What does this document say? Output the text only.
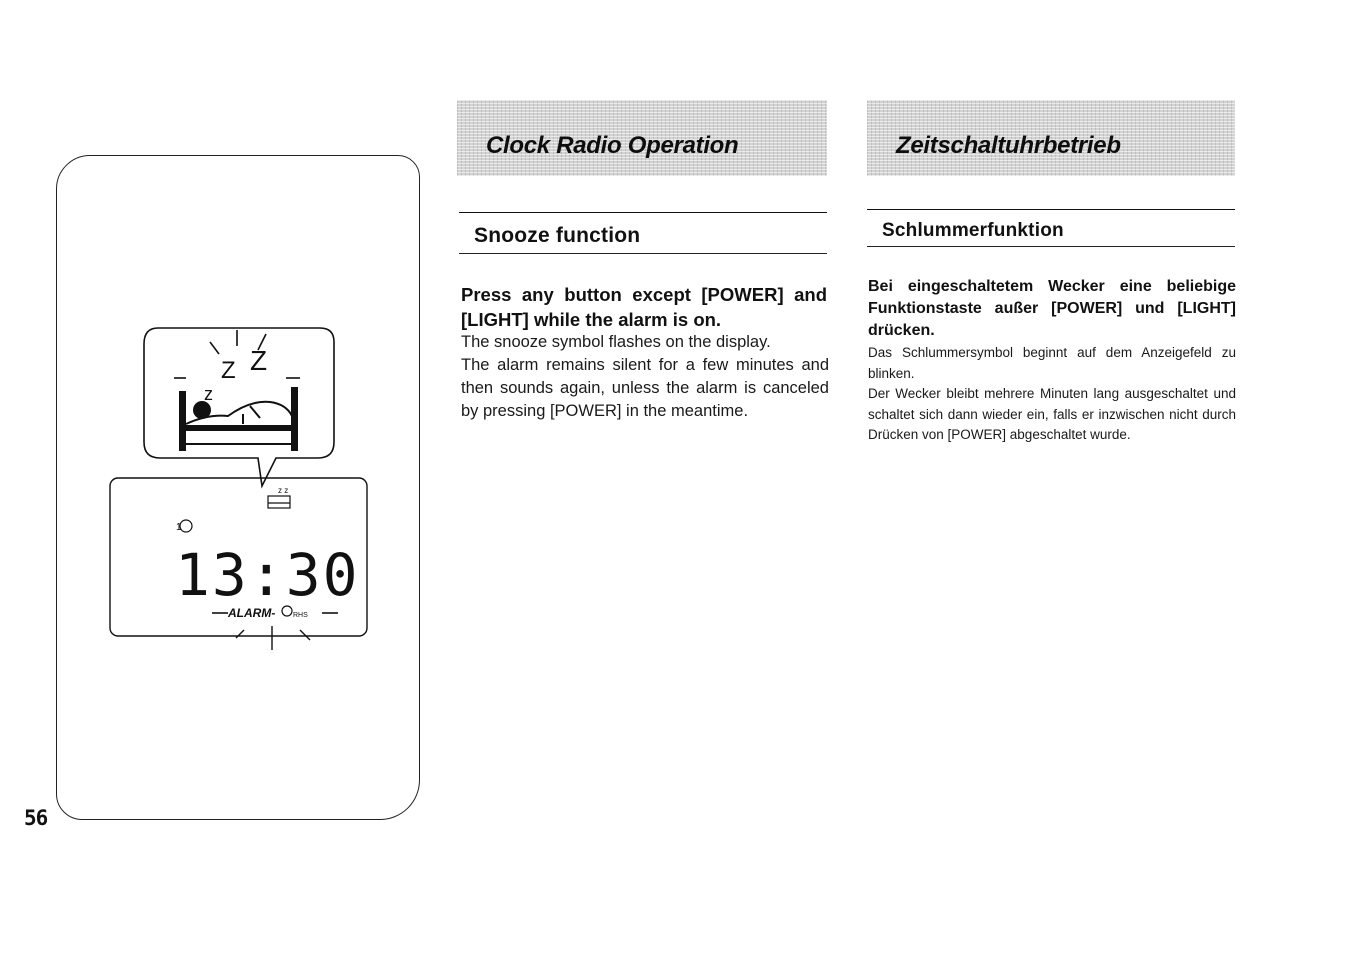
56
z
Z Z
z z
1
13:30
ALARM-	RHS
Clock Radio Operation
Snooze function
Press any button except [POWER] and [LIGHT] while the alarm is on.

The snooze symbol flashes on the display.

The alarm remains silent for a few minutes and then sounds again, unless the alarm is canceled by pressing [POWER] in the meantime.

Zeitschaltuhrbetrieb
Schlummerfunktion
Bei eingeschaltetem Wecker eine beliebige Funktionstaste außer [POWER] und [LIGHT] drücken.

Das Schlummersymbol beginnt auf dem Anzeigefeld zu blinken.

Der Wecker bleibt mehrere Minuten lang ausgeschaltet und schaltet sich dann wieder ein, falls er inzwischen nicht durch Drücken von [POWER] abgeschaltet wurde.
